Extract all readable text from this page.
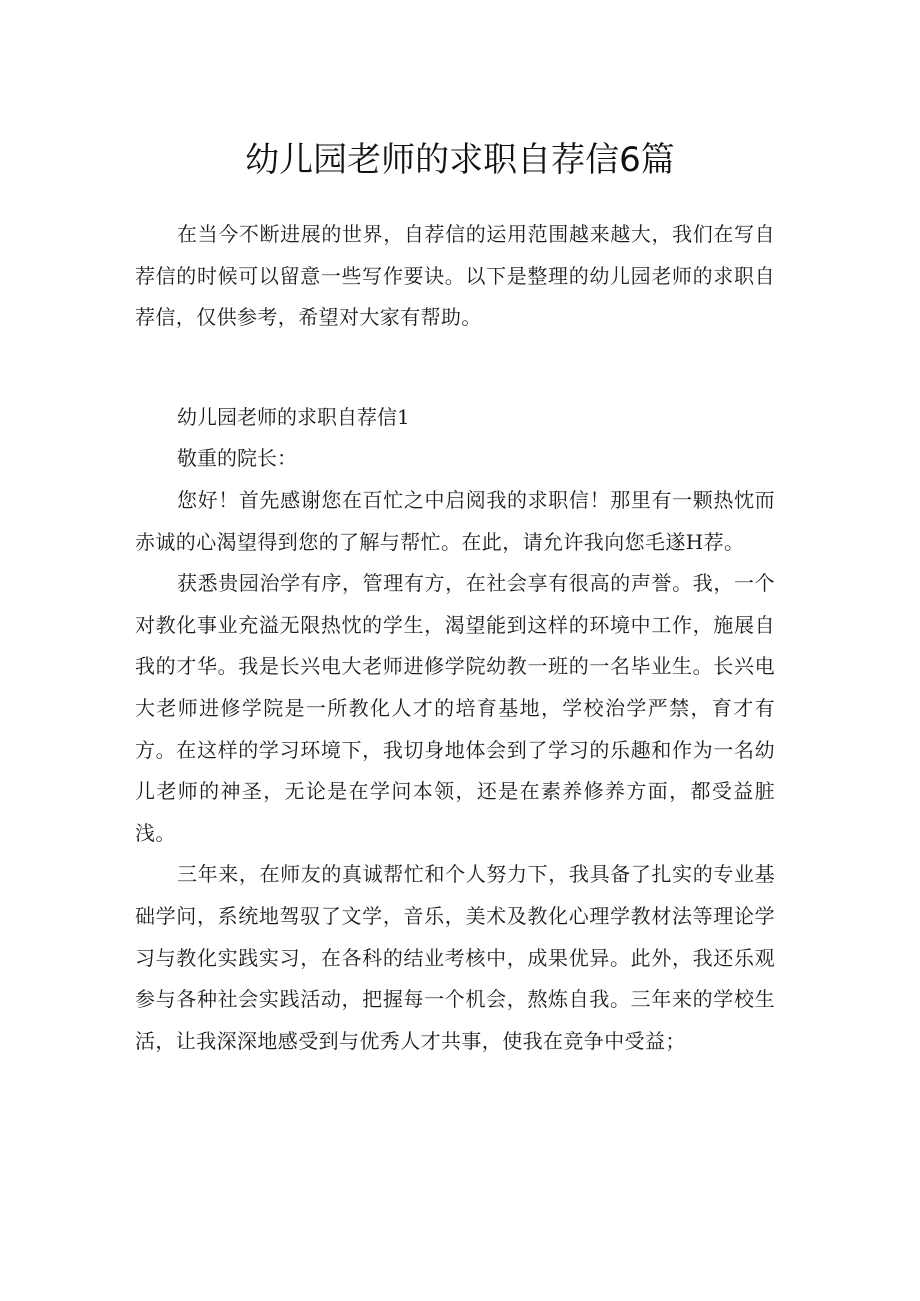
幼儿园老师的求职自荐信6篇

在当今不断进展的世界，自荐信的运用范围越来越大，我们在写自荐信的时候可以留意一些写作要诀。以下是整理的幼儿园老师的求职自荐信，仅供参考，希望对大家有帮助。

幼儿园老师的求职自荐信1

敬重的院长：

您好！首先感谢您在百忙之中启阅我的求职信！那里有一颗热忱而赤诚的心渴望得到您的了解与帮忙。在此，请允许我向您毛遂H荐。

获悉贵园治学有序，管理有方，在社会享有很高的声誉。我，一个对教化事业充溢无限热忱的学生，渴望能到这样的环境中工作，施展自我的才华。我是长兴电大老师进修学院幼教一班的一名毕业生。长兴电大老师进修学院是一所教化人才的培育基地，学校治学严禁，育才有方。在这样的学习环境下，我切身地体会到了学习的乐趣和作为一名幼儿老师的神圣，无论是在学问本领，还是在素养修养方面，都受益脏浅。

三年来，在师友的真诚帮忙和个人努力下，我具备了扎实的专业基础学问，系统地驾驭了文学，音乐，美术及教化心理学教材法等理论学习与教化实践实习，在各科的结业考核中，成果优异。此外，我还乐观参与各种社会实践活动，把握每一个机会，熬炼自我。三年来的学校生活，让我深深地感受到与优秀人才共事，使我在竞争中受益；
